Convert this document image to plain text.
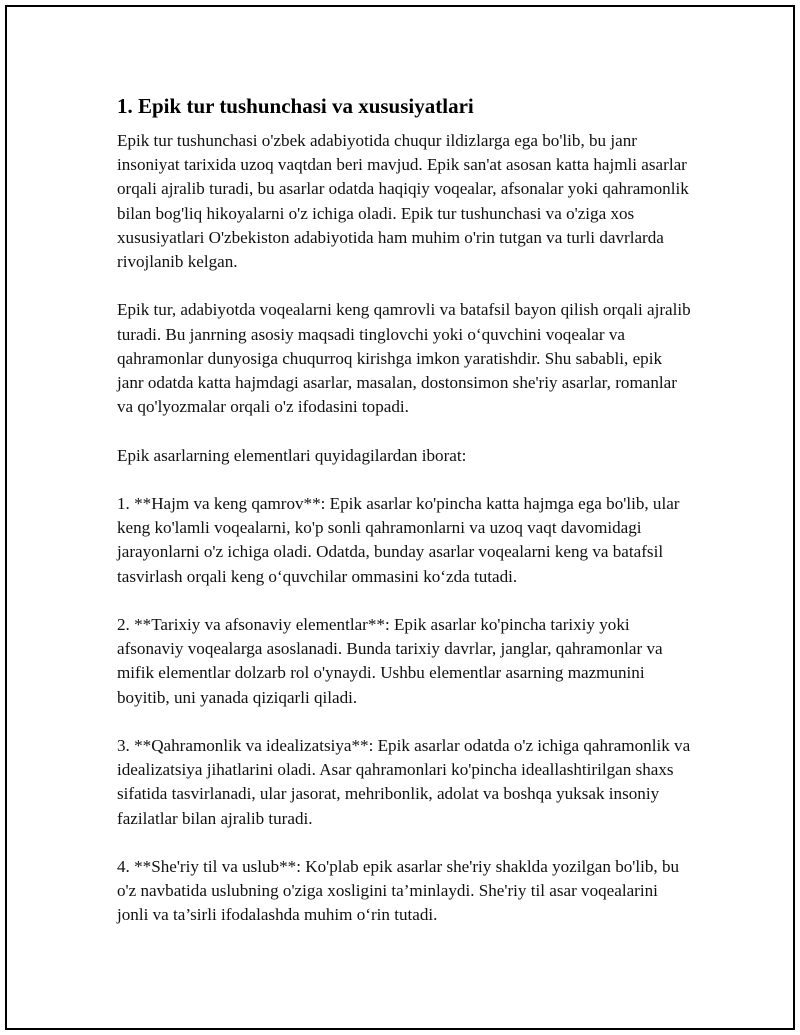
1. Epik tur tushunchasi va xususiyatlari

Epik tur tushunchasi o'zbek adabiyotida chuqur ildizlarga ega bo'lib, bu janr insoniyat tarixida uzoq vaqtdan beri mavjud. Epik san'at asosan katta hajmli asarlar orqali ajralib turadi, bu asarlar odatda haqiqiy voqealar, afsonalar yoki qahramonlik bilan bog'liq hikoyalarni o'z ichiga oladi. Epik tur tushunchasi va o'ziga xos xususiyatlari O'zbekiston adabiyotida ham muhim o'rin tutgan va turli davrlarda rivojlanib kelgan.

Epik tur, adabiyotda voqealarni keng qamrovli va batafsil bayon qilish orqali ajralib turadi. Bu janrning asosiy maqsadi tinglovchi yoki o‘quvchini voqealar va qahramonlar dunyosiga chuqurroq kirishga imkon yaratishdir. Shu sababli, epik janr odatda katta hajmdagi asarlar, masalan, dostonsimon she'riy asarlar, romanlar va qo'lyozmalar orqali o'z ifodasini topadi.

Epik asarlarning elementlari quyidagilardan iborat:

1. **Hajm va keng qamrov**: Epik asarlar ko'pincha katta hajmga ega bo'lib, ular keng ko'lamli voqealarni, ko'p sonli qahramonlarni va uzoq vaqt davomidagi jarayonlarni o'z ichiga oladi. Odatda, bunday asarlar voqealarni keng va batafsil tasvirlash orqali keng o‘quvchilar ommasini ko‘zda tutadi.

2. **Tarixiy va afsonaviy elementlar**: Epik asarlar ko'pincha tarixiy yoki afsonaviy voqealarga asoslanadi. Bunda tarixiy davrlar, janglar, qahramonlar va mifik elementlar dolzarb rol o'ynaydi. Ushbu elementlar asarning mazmunini boyitib, uni yanada qiziqarli qiladi.

3. **Qahramonlik va idealizatsiya**: Epik asarlar odatda o'z ichiga qahramonlik va idealizatsiya jihatlarini oladi. Asar qahramonlari ko'pincha ideallashtirilgan shaxs sifatida tasvirlanadi, ular jasorat, mehribonlik, adolat va boshqa yuksak insoniy fazilatlar bilan ajralib turadi.

4. **She'riy til va uslub**: Ko'plab epik asarlar she'riy shaklda yozilgan bo'lib, bu o'z navbatida uslubning o'ziga xosligini ta’minlaydi. She'riy til asar voqealarini jonli va ta’sirli ifodalashda muhim o‘rin tutadi.
